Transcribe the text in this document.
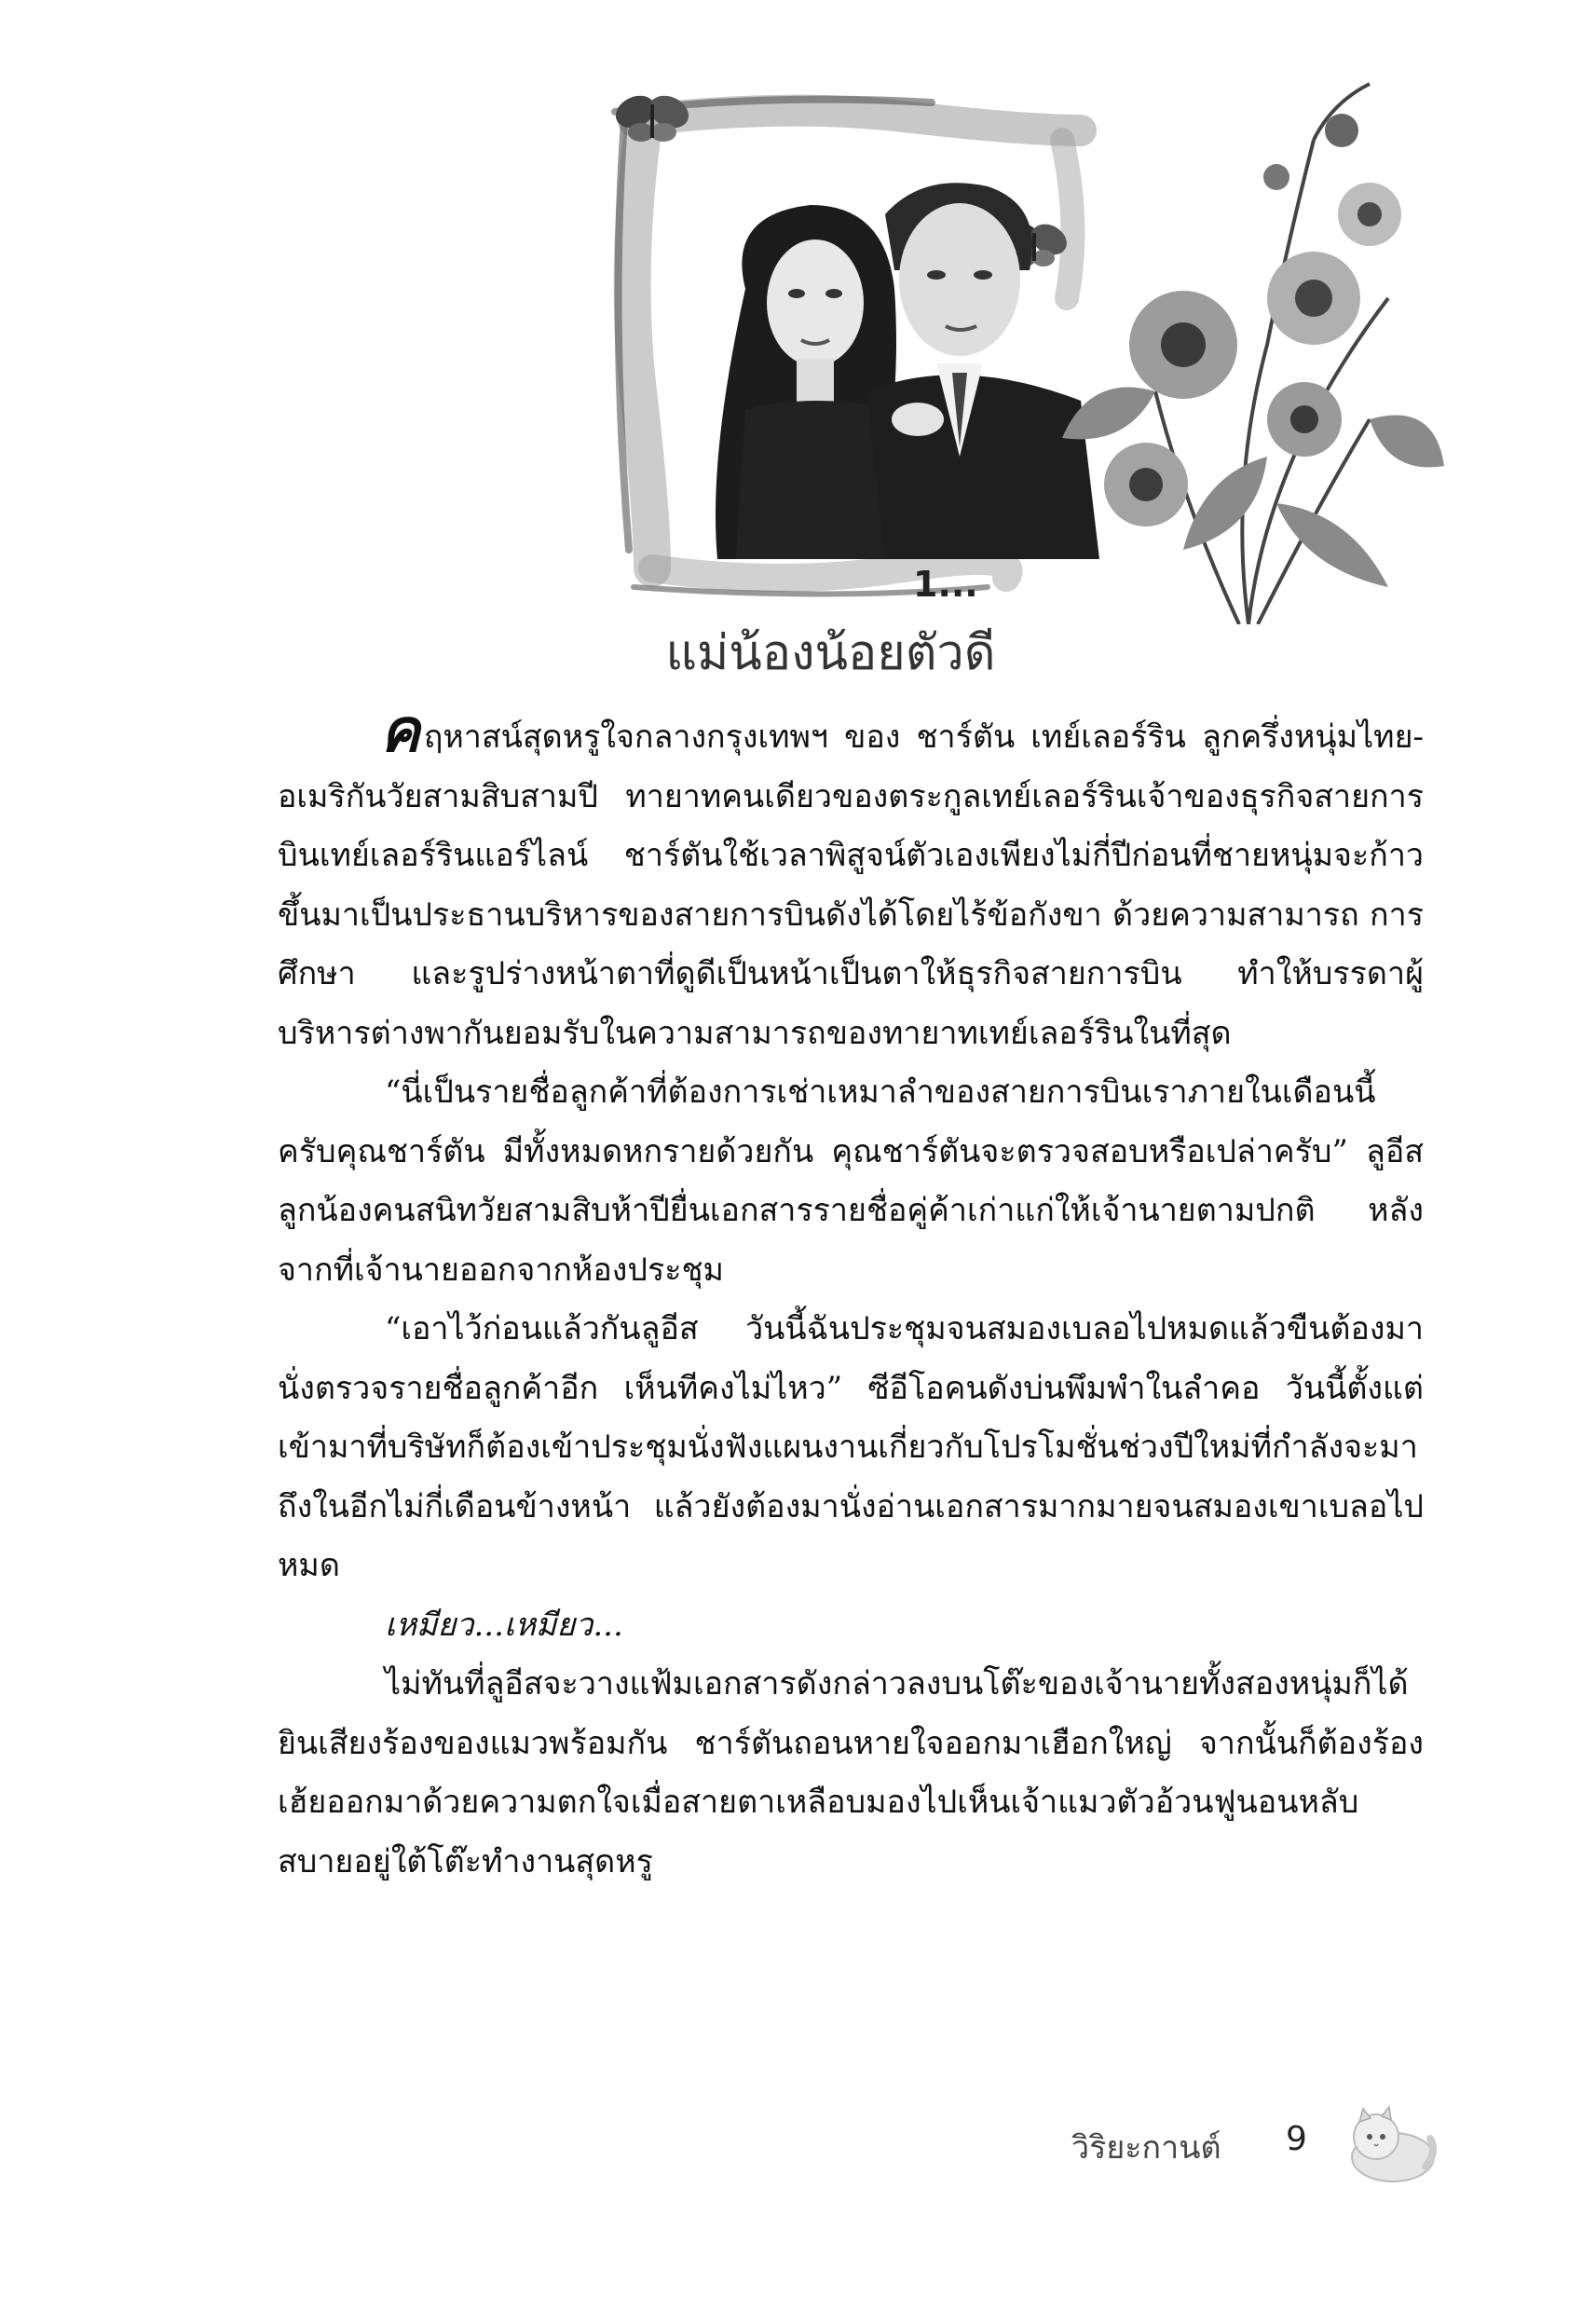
1...
แม่น้องน้อยตัวดี

คฤหาสน์สุดหรูใจกลางกรุงเทพฯ ของ ชาร์ตัน เทย์เลอร์ริน ลูกครึ่งหนุ่มไทย-อเมริกันวัยสามสิบสามปี ทายาทคนเดียวของตระกูลเทย์เลอร์รินเจ้าของธุรกิจสายการบินเทย์เลอร์รินแอร์ไลน์ ชาร์ตันใช้เวลาพิสูจน์ตัวเองเพียงไม่กี่ปีก่อนที่ชายหนุ่มจะก้าวขึ้นมาเป็นประธานบริหารของสายการบินดังได้โดยไร้ข้อกังขา ด้วยความสามารถ การศึกษา และรูปร่างหน้าตาที่ดูดีเป็นหน้าเป็นตาให้ธุรกิจสายการบิน ทำให้บรรดาผู้บริหารต่างพากันยอมรับในความสามารถของทายาทเทย์เลอร์รินในที่สุด

“นี่เป็นรายชื่อลูกค้าที่ต้องการเช่าเหมาลำของสายการบินเราภายในเดือนนี้ครับคุณชาร์ตัน มีทั้งหมดหกรายด้วยกัน คุณชาร์ตันจะตรวจสอบหรือเปล่าครับ” ลูอีส ลูกน้องคนสนิทวัยสามสิบห้าปียื่นเอกสารรายชื่อคู่ค้าเก่าแก่ให้เจ้านายตามปกติ หลังจากที่เจ้านายออกจากห้องประชุม

“เอาไว้ก่อนแล้วกันลูอีส วันนี้ฉันประชุมจนสมองเบลอไปหมดแล้วขืนต้องมานั่งตรวจรายชื่อลูกค้าอีก เห็นทีคงไม่ไหว” ซีอีโอคนดังบ่นพึมพำในลำคอ วันนี้ตั้งแต่เข้ามาที่บริษัทก็ต้องเข้าประชุมนั่งฟังแผนงานเกี่ยวกับโปรโมชั่นช่วงปีใหม่ที่กำลังจะมาถึงในอีกไม่กี่เดือนข้างหน้า แล้วยังต้องมานั่งอ่านเอกสารมากมายจนสมองเขาเบลอไปหมด

เหมียว...เหมียว...

ไม่ทันที่ลูอีสจะวางแฟ้มเอกสารดังกล่าวลงบนโต๊ะของเจ้านายทั้งสองหนุ่มก็ได้ยินเสียงร้องของแมวพร้อมกัน ชาร์ตันถอนหายใจออกมาเฮือกใหญ่ จากนั้นก็ต้องร้องเฮ้ยออกมาด้วยความตกใจเมื่อสายตาเหลือบมองไปเห็นเจ้าแมวตัวอ้วนฟูนอนหลับสบายอยู่ใต้โต๊ะทำงานสุดหรู

วิริยะกานต์ 9
